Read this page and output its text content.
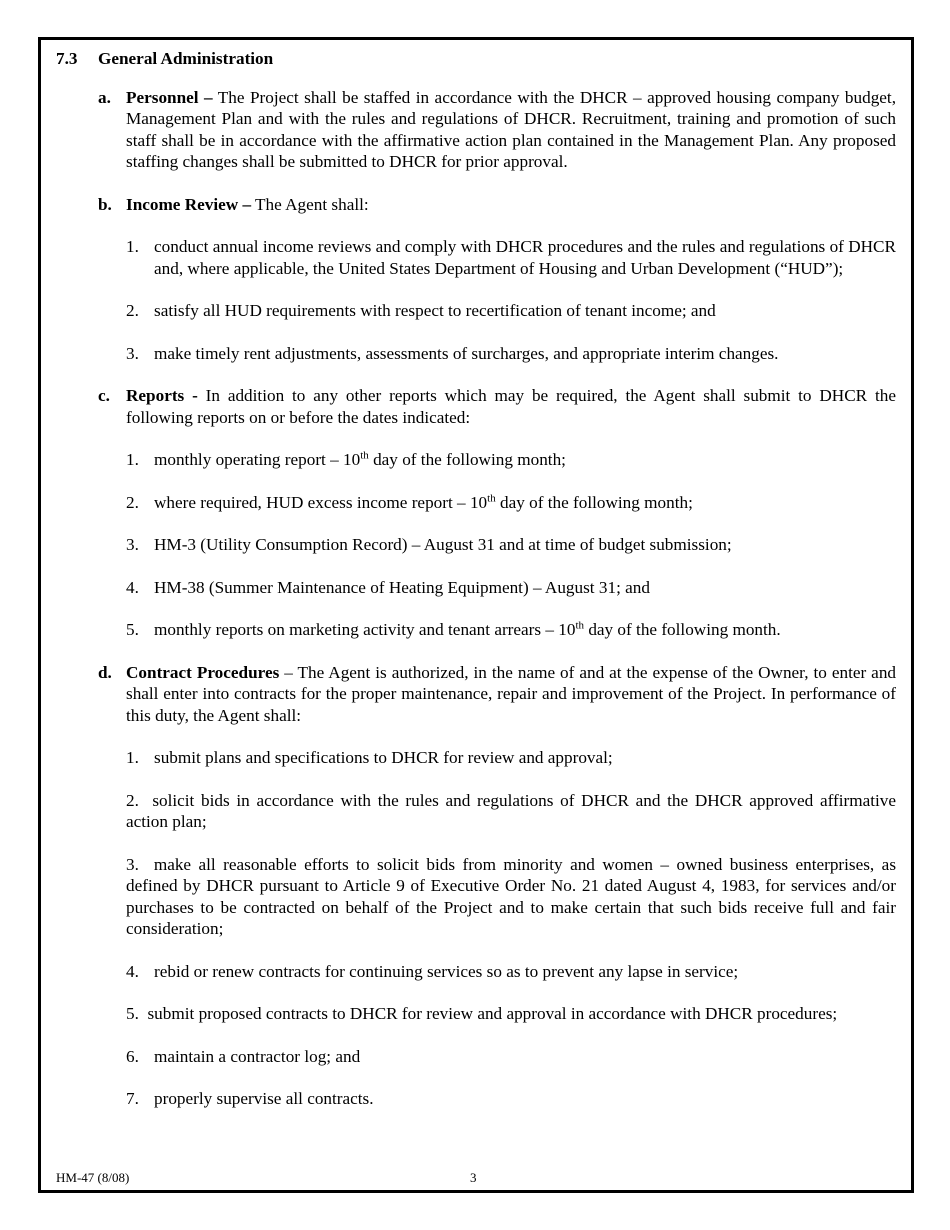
7.3	General Administration
a. Personnel – The Project shall be staffed in accordance with the DHCR – approved housing company budget, Management Plan and with the rules and regulations of DHCR. Recruitment, training and promotion of such staff shall be in accordance with the affirmative action plan contained in the Management Plan. Any proposed staffing changes shall be submitted to DHCR for prior approval.
b. Income Review – The Agent shall:
1. conduct annual income reviews and comply with DHCR procedures and the rules and regulations of DHCR and, where applicable, the United States Department of Housing and Urban Development (“HUD”);
2. satisfy all HUD requirements with respect to recertification of tenant income; and
3. make timely rent adjustments, assessments of surcharges, and appropriate interim changes.
c. Reports - In addition to any other reports which may be required, the Agent shall submit to DHCR the following reports on or before the dates indicated:
1. monthly operating report – 10th day of the following month;
2. where required, HUD excess income report – 10th day of the following month;
3. HM-3 (Utility Consumption Record) – August 31 and at time of budget submission;
4. HM-38 (Summer Maintenance of Heating Equipment) – August 31; and
5. monthly reports on marketing activity and tenant arrears – 10th day of the following month.
d. Contract Procedures – The Agent is authorized, in the name of and at the expense of the Owner, to enter and shall enter into contracts for the proper maintenance, repair and improvement of the Project. In performance of this duty, the Agent shall:
1. submit plans and specifications to DHCR for review and approval;
2. solicit bids in accordance with the rules and regulations of DHCR and the DHCR approved affirmative action plan;
3. make all reasonable efforts to solicit bids from minority and women – owned business enterprises, as defined by DHCR pursuant to Article 9 of Executive Order No. 21 dated August 4, 1983, for services and/or purchases to be contracted on behalf of the Project and to make certain that such bids receive full and fair consideration;
4. rebid or renew contracts for continuing services so as to prevent any lapse in service;
5. submit proposed contracts to DHCR for review and approval in accordance with DHCR procedures;
6. maintain a contractor log; and
7. properly supervise all contracts.
HM-47 (8/08)	3
